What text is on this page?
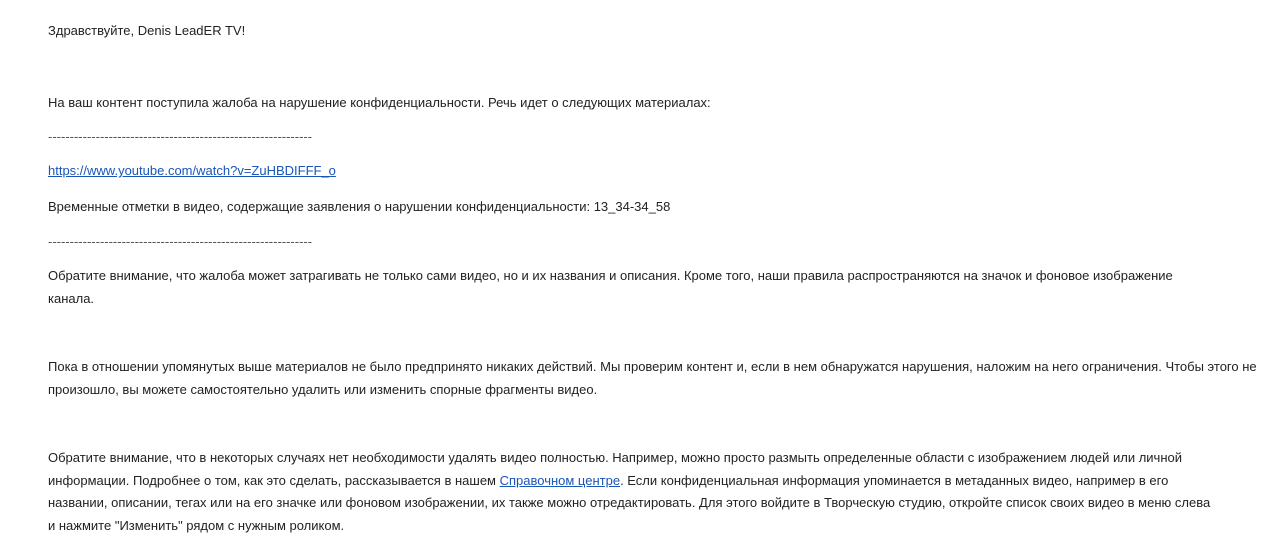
Здравствуйте, Denis LeadER TV!
На ваш контент поступила жалоба на нарушение конфиденциальности. Речь идет о следующих материалах:
-------------------------------------------------------------
https://www.youtube.com/watch?v=ZuHBDIFFF_o
Временные отметки в видео, содержащие заявления о нарушении конфиденциальности: 13_34-34_58
-------------------------------------------------------------

Обратите внимание, что жалоба может затрагивать не только сами видео, но и их названия и описания. Кроме того, наши правила распространяются на значок и фоновое изображение канала.

Пока в отношении упомянутых выше материалов не было предпринято никаких действий. Мы проверим контент и, если в нем обнаружатся нарушения, наложим на него ограничения. Чтобы этого не произошло, вы можете самостоятельно удалить или изменить спорные фрагменты видео.

Обратите внимание, что в некоторых случаях нет необходимости удалять видео полностью. Например, можно просто размыть определенные области с изображением людей или личной информации. Подробнее о том, как это сделать, рассказывается в нашем Справочном центре. Если конфиденциальная информация упоминается в метаданных видео, например в его названии, описании, тегах или на его значке или фоновом изображении, их также можно отредактировать. Для этого войдите в Творческую студию, откройте список своих видео в меню слева и нажмите "Изменить" рядом с нужным роликом.
